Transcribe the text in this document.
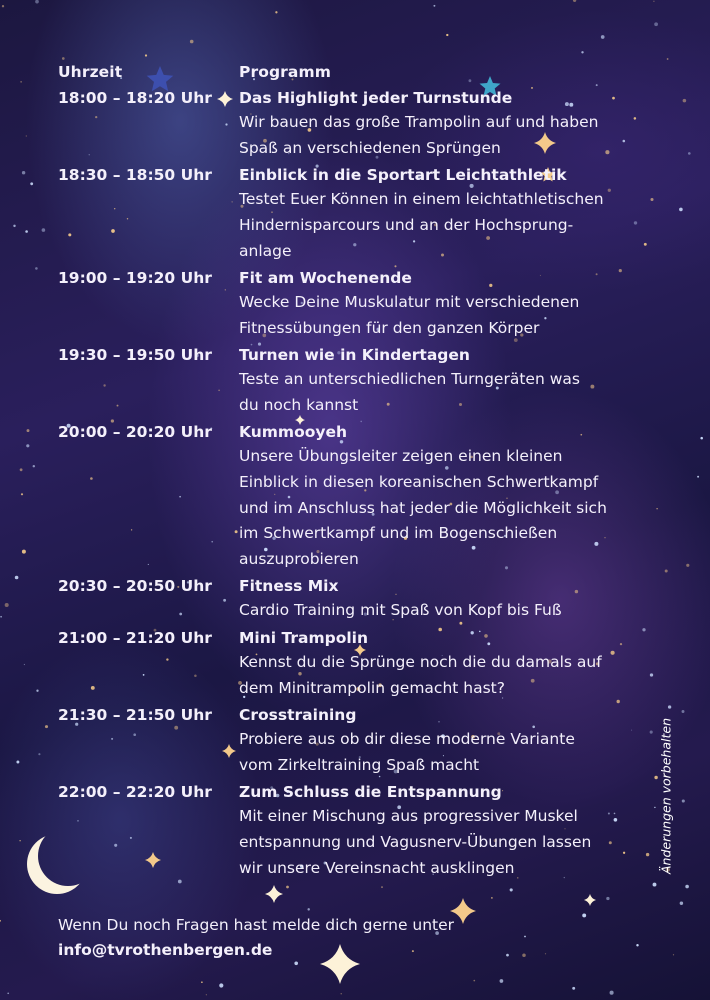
Uhrzeit	Programm
18:00 – 18:20 Uhr Das Highlight jeder Turnstunde
Wir bauen das große Trampolin auf und haben
Spaß an verschiedenen Sprüngen
18:30 – 18:50 Uhr Einblick in die Sportart Leichtathletik
Testet Euer Können in einem leichtathletischen
Hindernisparcours und an der Hochsprung-
anlage
19:00 – 19:20 Uhr Fit am Wochenende
Wecke Deine Muskulatur mit verschiedenen
Fitnessübungen für den ganzen Körper
19:30 – 19:50 Uhr Turnen wie in Kindertagen
Teste an unterschiedlichen Turngeräten was
du noch kannst
20:00 – 20:20 Uhr Kummooyeh
Unsere Übungsleiter zeigen einen kleinen
Einblick in diesen koreanischen Schwertkampf
und im Anschluss hat jeder die Möglichkeit sich
im Schwertkampf und im Bogenschießen
auszuprobieren
20:30 – 20:50 Uhr Fitness Mix
Cardio Training mit Spaß von Kopf bis Fuß
21:00 – 21:20 Uhr Mini Trampolin
Kennst du die Sprünge noch die du damals auf
dem Minitrampolin gemacht hast?
21:30 – 21:50 Uhr Crosstraining
Probiere aus ob dir diese moderne Variante
vom Zirkeltraining Spaß macht
22:00 – 22:20 Uhr Zum Schluss die Entspannung
Mit einer Mischung aus progressiver Muskel
entspannung und Vagusnerv-Übungen lassen
wir unsere Vereinsnacht ausklingen
Wenn Du noch Fragen hast melde dich gerne unter
info@tvrothenbergen.de
Änderungen vorbehalten
